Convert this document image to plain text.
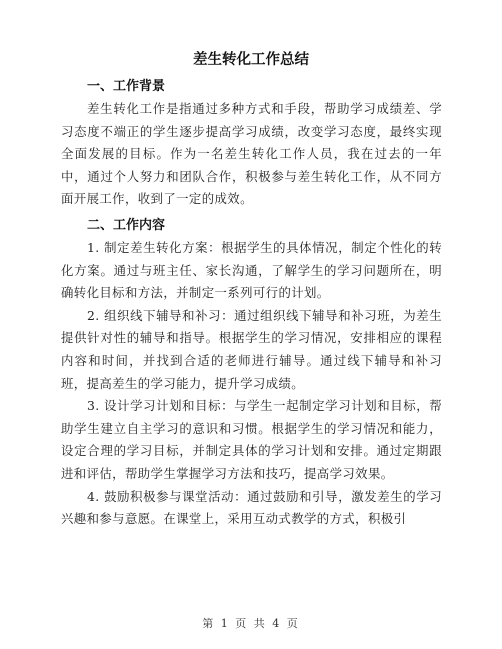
差生转化工作总结
一、工作背景

差生转化工作是指通过多种方式和手段，帮助学习成绩差、学习态度不端正的学生逐步提高学习成绩，改变学习态度，最终实现全面发展的目标。作为一名差生转化工作人员，我在过去的一年中，通过个人努力和团队合作，积极参与差生转化工作，从不同方面开展工作，收到了一定的成效。

二、工作内容

1. 制定差生转化方案：根据学生的具体情况，制定个性化的转化方案。通过与班主任、家长沟通，了解学生的学习问题所在，明确转化目标和方法，并制定一系列可行的计划。

2. 组织线下辅导和补习：通过组织线下辅导和补习班，为差生提供针对性的辅导和指导。根据学生的学习情况，安排相应的课程内容和时间，并找到合适的老师进行辅导。通过线下辅导和补习班，提高差生的学习能力，提升学习成绩。

3. 设计学习计划和目标：与学生一起制定学习计划和目标，帮助学生建立自主学习的意识和习惯。根据学生的学习情况和能力，设定合理的学习目标，并制定具体的学习计划和安排。通过定期跟进和评估，帮助学生掌握学习方法和技巧，提高学习效果。

4. 鼓励积极参与课堂活动：通过鼓励和引导，激发差生的学习兴趣和参与意愿。在课堂上，采用互动式教学的方式，积极引

第 1 页 共 4 页
